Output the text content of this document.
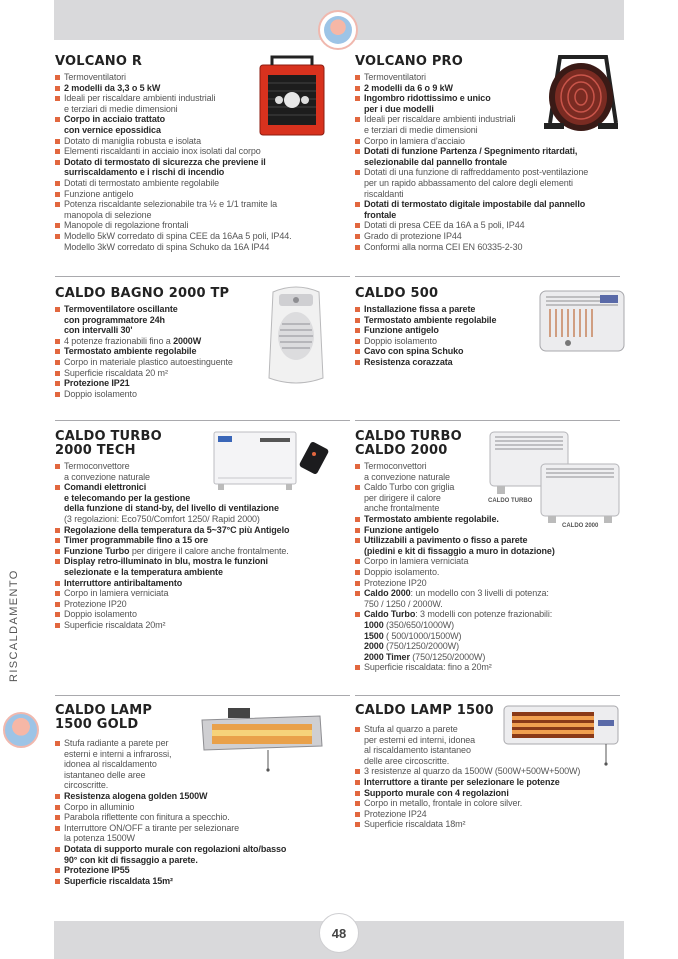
48
RISCALDAMENTO
VOLCANO R
Termoventilatori
2 modelli da 3,3 o 5 kW
Ideali per riscaldare ambienti industriali
e terziari di medie dimensioni
Corpo in acciaio trattato
con vernice epossidica
Dotato di maniglia robusta e isolata
Elementi riscaldanti in acciaio inox isolati dal corpo
Dotato di termostato di sicurezza che previene il
surriscaldamento e i rischi di incendio
Dotati di termostato ambiente regolabile
Funzione antigelo
Potenza riscaldante selezionabile tra ½ e 1/1 tramite la
manopola di selezione
Manopole di regolazione frontali
Modello 5kW corredato di spina CEE da 16Aa 5 poli, IP44.
Modello 3kW corredato di spina Schuko da 16A IP44
VOLCANO PRO
Termoventilatori
2 modelli da 6 o 9 kW
Ingombro ridottissimo e unico
per i due modelli
Ideali per riscaldare ambienti industriali
e terziari di medie dimensioni
Corpo in lamiera d’acciaio
Dotati di funzione Partenza / Spegnimento ritardati,
selezionabile dal pannello frontale
Dotati di una funzione di raffreddamento post-ventilazione
per un rapido abbassamento del calore degli elementi
riscaldanti
Dotati di termostato digitale impostabile dal pannello
frontale
Dotati di presa CEE da 16A a 5 poli, IP44
Grado di protezione IP44
Conformi alla norma CEI EN 60335-2-30
CALDO BAGNO 2000 TP
Termoventilatore oscillante
con programmatore 24h
con intervalli 30'
4 potenze frazionabili fino a 2000W
Termostato ambiente regolabile
Corpo in materiale plastico autoestinguente
Superficie riscaldata 20 m²
Protezione IP21
Doppio isolamento
CALDO 500
Installazione fissa a parete
Termostato ambiente regolabile
Funzione antigelo
Doppio isolamento
Cavo con spina Schuko
Resistenza corazzata
CALDO TURBO
2000 TECH
Termoconvettore
a convezione naturale
Comandi elettronici
e telecomando per la gestione
della funzione di stand-by, del livello di ventilazione
(3 regolazioni: Eco750/Comfort 1250/ Rapid 2000)
Regolazione della temperatura da 5~37°C più Antigelo
Timer programmabile fino a 15 ore
Funzione Turbo per dirigere il calore anche frontalmente.
Display retro-illuminato in blu, mostra le funzioni
selezionate e la temperatura ambiente
Interruttore antiribaltamento
Corpo in lamiera verniciata
Protezione IP20
Doppio isolamento
Superficie riscaldata 20m²
CALDO TURBO
CALDO 2000
Termoconvettori
a convezione naturale
Caldo Turbo con griglia
per dirigere il calore
anche frontalmente
Termostato ambiente regolabile.
Funzione antigelo
Utilizzabili a pavimento o fisso a parete
(piedini e kit di fissaggio a muro in dotazione)
Corpo in lamiera verniciata
Doppio isolamento.
Protezione IP20
Caldo 2000: un modello con 3 livelli di potenza:
750 / 1250 / 2000W.
Caldo Turbo: 3 modelli con potenze frazionabili:
1000 (350/650/1000W)
1500 ( 500/1000/1500W)
2000 (750/1250/2000W)
2000 Timer (750/1250/2000W)
Superficie riscaldata: fino a 20m²
CALDO TURBO
CALDO 2000
CALDO LAMP
1500 GOLD
Stufa radiante a parete per
esterni e interni a infrarossi,
idonea al riscaldamento
istantaneo delle aree
circoscritte.
Resistenza alogena golden 1500W
Corpo in alluminio
Parabola riflettente con finitura a specchio.
Interruttore ON/OFF a tirante per selezionare
la potenza 1500W
Dotata di supporto murale con regolazioni alto/basso
90° con kit di fissaggio a parete.
Protezione IP55
Superficie riscaldata 15m²
CALDO LAMP 1500
Stufa al quarzo a parete
per esterni ed interni, idonea
al riscaldamento istantaneo
delle aree circoscritte.
3 resistenze al quarzo da 1500W (500W+500W+500W)
Interruttore a tirante per selezionare le potenze
Supporto murale con 4 regolazioni
Corpo in metallo, frontale in colore silver.
Protezione IP24
Superficie riscaldata 18m²
